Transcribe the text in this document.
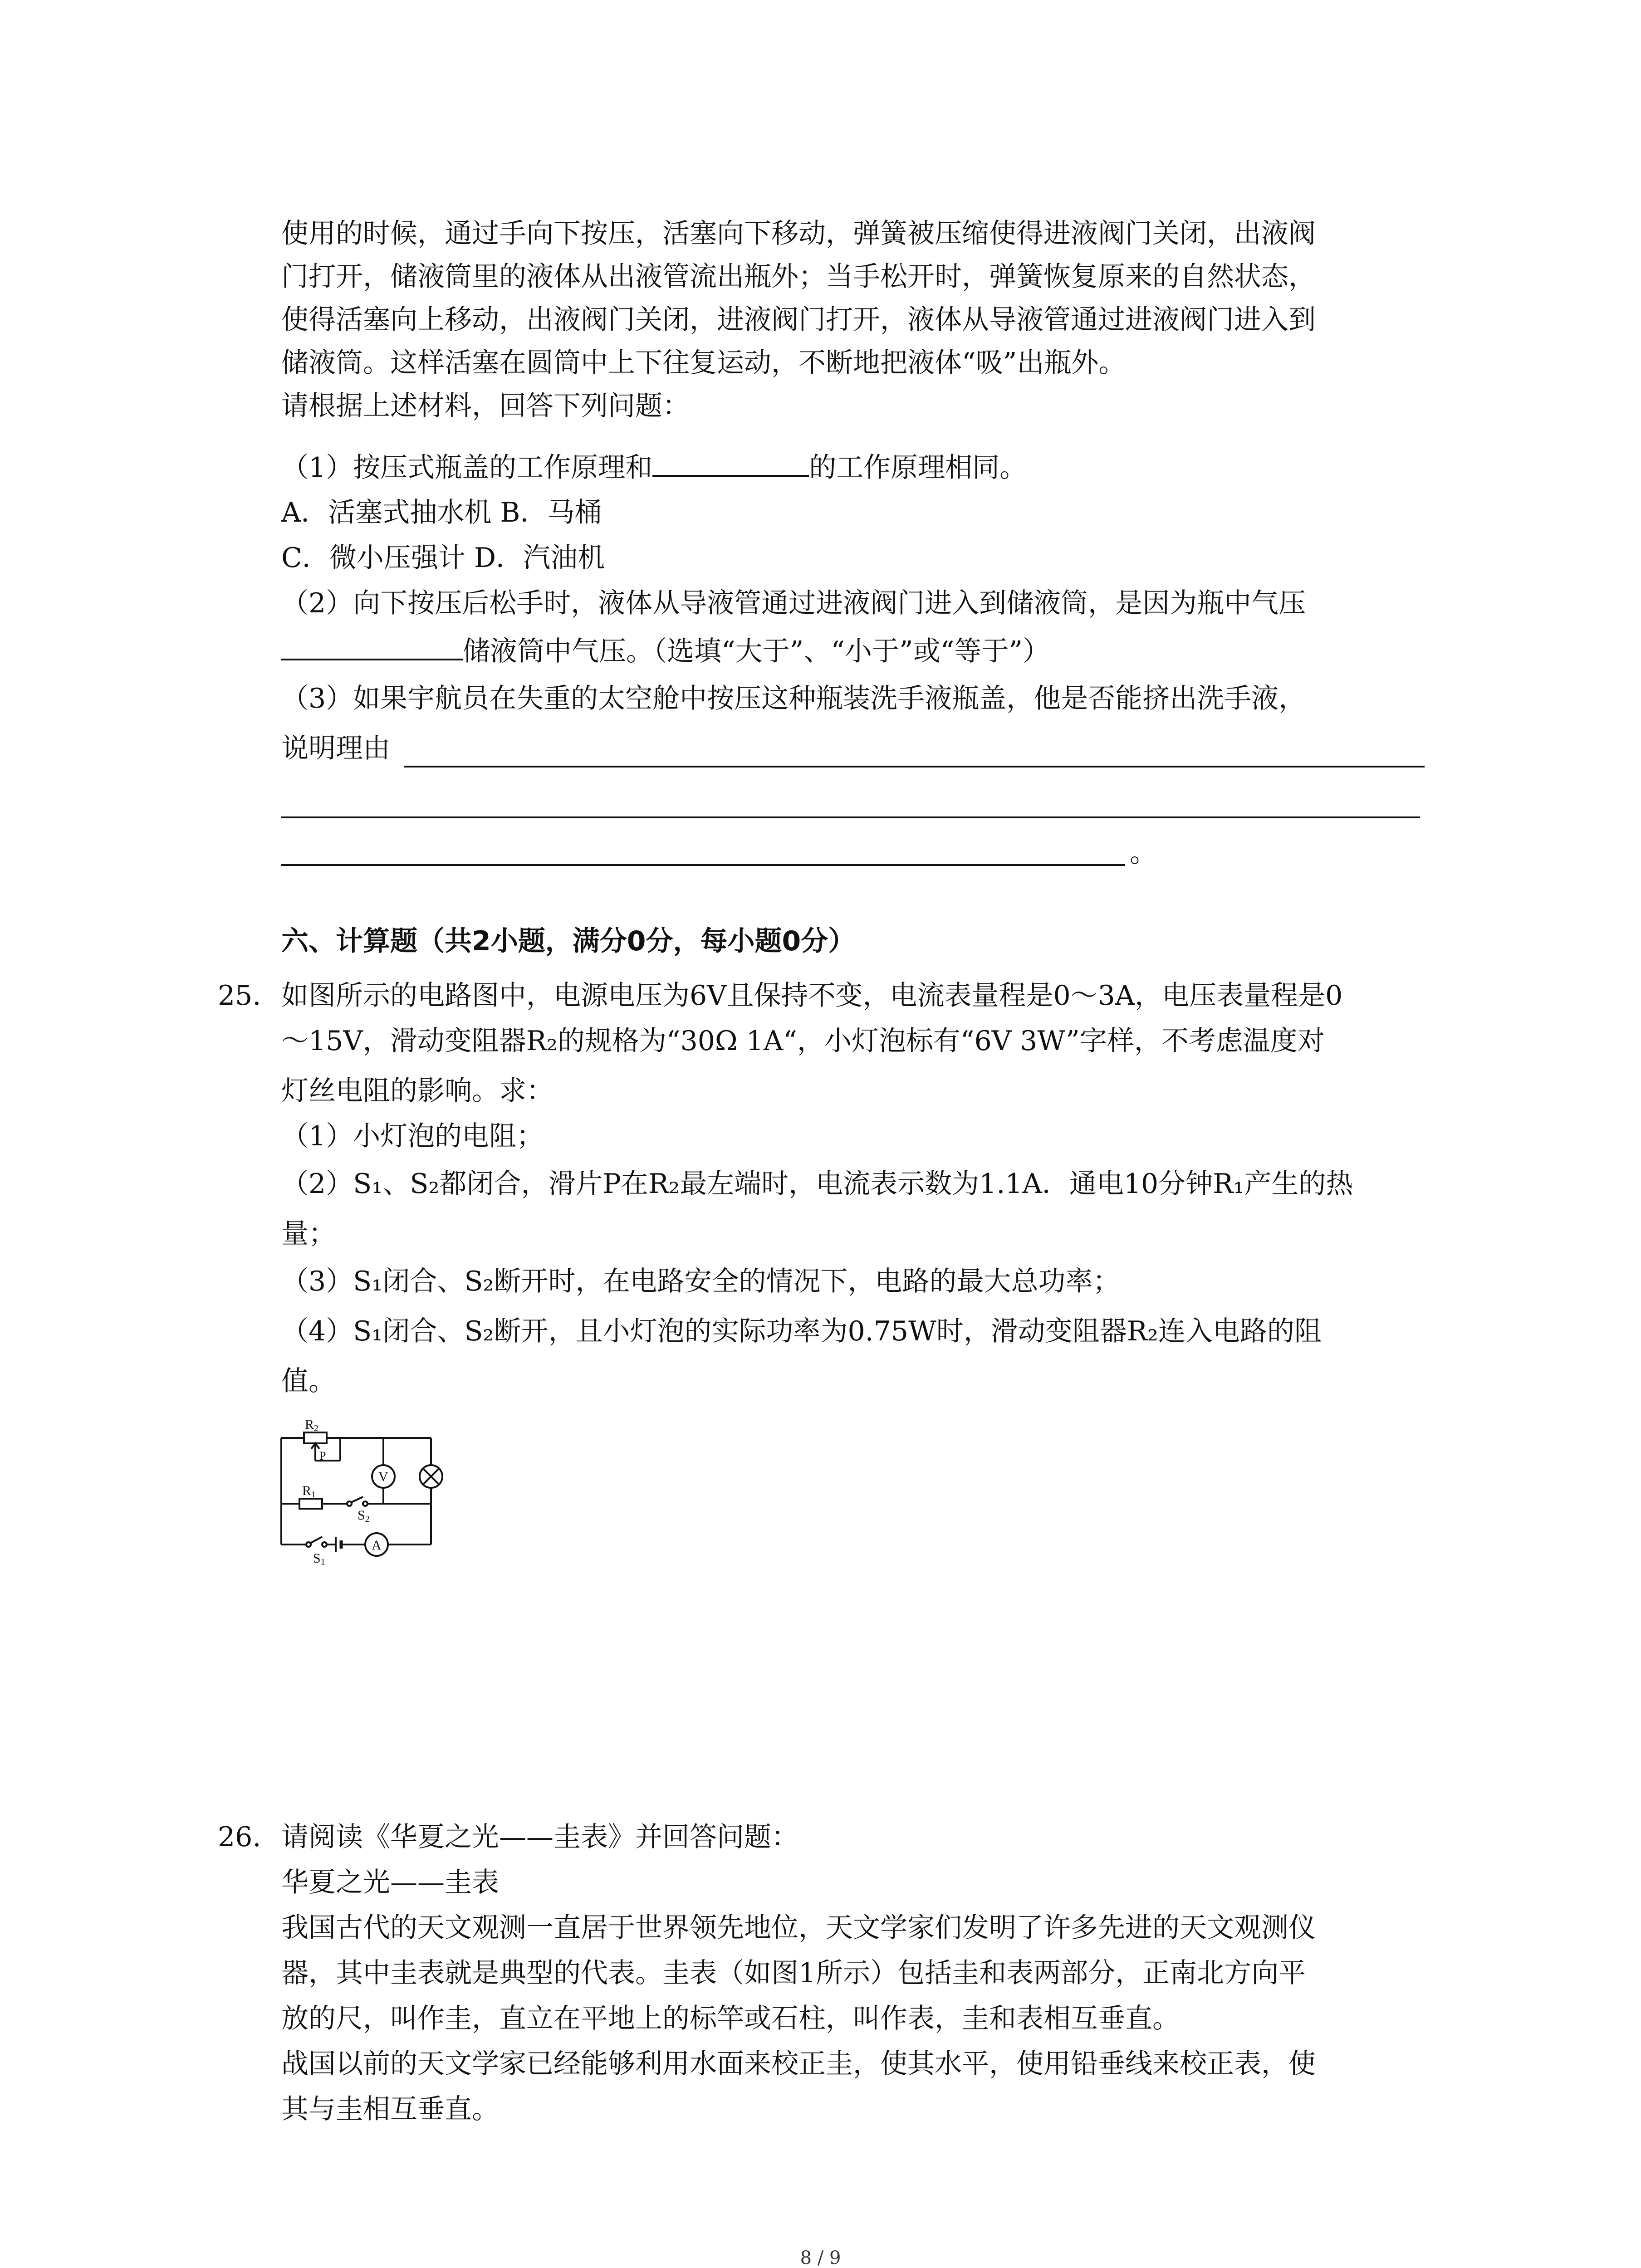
使用的时候，通过手向下按压，活塞向下移动，弹簧被压缩使得进液阀门关闭，出液阀
门打开，储液筒里的液体从出液管流出瓶外；当手松开时，弹簧恢复原来的自然状态，
使得活塞向上移动，出液阀门关闭，进液阀门打开，液体从导液管通过进液阀门进入到
储液筒。这样活塞在圆筒中上下往复运动，不断地把液体“吸”出瓶外。
请根据上述材料，回答下列问题：
（1）按压式瓶盖的工作原理和	的工作原理相同。
A．活塞式抽水机 B．马桶
C．微小压强计 D．汽油机
（2）向下按压后松手时，液体从导液管通过进液阀门进入到储液筒，是因为瓶中气压
储液筒中气压。（选填“大于”、“小于”或“等于”）
（3）如果宇航员在失重的太空舱中按压这种瓶装洗手液瓶盖，他是否能挤出洗手液，
说明理由
。
六、计算题（共2小题，满分0分，每小题0分）
25. 如图所示的电路图中，电源电压为6V且保持不变，电流表量程是0～3A，电压表量程是0
～15V，滑动变阻器R₂的规格为“30Ω 1A“，小灯泡标有“6V 3W”字样，不考虑温度对
灯丝电阻的影响。求：
（1）小灯泡的电阻；
（2）S₁、S₂都闭合，滑片P在R₂最左端时，电流表示数为1.1A．通电10分钟R₁产生的热
量；
（3）S₁闭合、S₂断开时，在电路安全的情况下，电路的最大总功率；
（4）S₁闭合、S₂断开，且小灯泡的实际功率为0.75W时，滑动变阻器R₂连入电路的阻
值。
R2
P
V
R1
S2
S1
A
26. 请阅读《华夏之光——圭表》并回答问题：
华夏之光——圭表
我国古代的天文观测一直居于世界领先地位，天文学家们发明了许多先进的天文观测仪
器，其中圭表就是典型的代表。圭表（如图1所示）包括圭和表两部分，正南北方向平
放的尺，叫作圭，直立在平地上的标竿或石柱，叫作表，圭和表相互垂直。
战国以前的天文学家已经能够利用水面来校正圭，使其水平，使用铅垂线来校正表，使
其与圭相互垂直。
8 / 9
